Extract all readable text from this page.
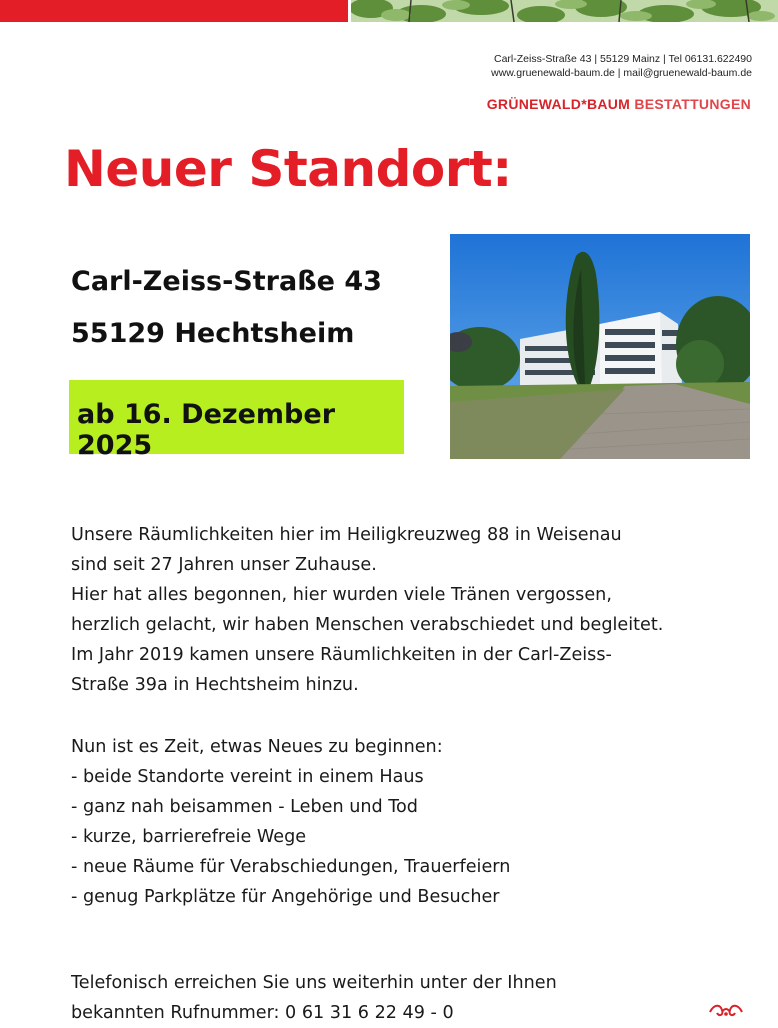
Carl-Zeiss-Straße 43 | 55129 Mainz | Tel 06131.622490
www.gruenewald-baum.de | mail@gruenewald-baum.de
GRÜNEWALD*BAUM BESTATTUNGEN
Neuer Standort:
Carl-Zeiss-Straße 43
55129 Hechtsheim
ab 16. Dezember 2025
Unsere Räumlichkeiten hier im Heiligkreuzweg 88 in Weisenau
sind seit 27 Jahren unser Zuhause.
Hier hat alles begonnen, hier wurden viele Tränen vergossen,
herzlich gelacht, wir haben Menschen verabschiedet und begleitet.
Im Jahr 2019 kamen unsere Räumlichkeiten in der Carl-Zeiss-
Straße 39a in Hechtsheim hinzu.
Nun ist es Zeit, etwas Neues zu beginnen:
- beide Standorte vereint in einem Haus
- ganz nah beisammen - Leben und Tod
- kurze, barrierefreie Wege
- neue Räume für Verabschiedungen, Trauerfeiern
- genug Parkplätze für Angehörige und Besucher
Telefonisch erreichen Sie uns weiterhin unter der Ihnen
bekannten Rufnummer: 0 61 31 6 22 49 - 0
